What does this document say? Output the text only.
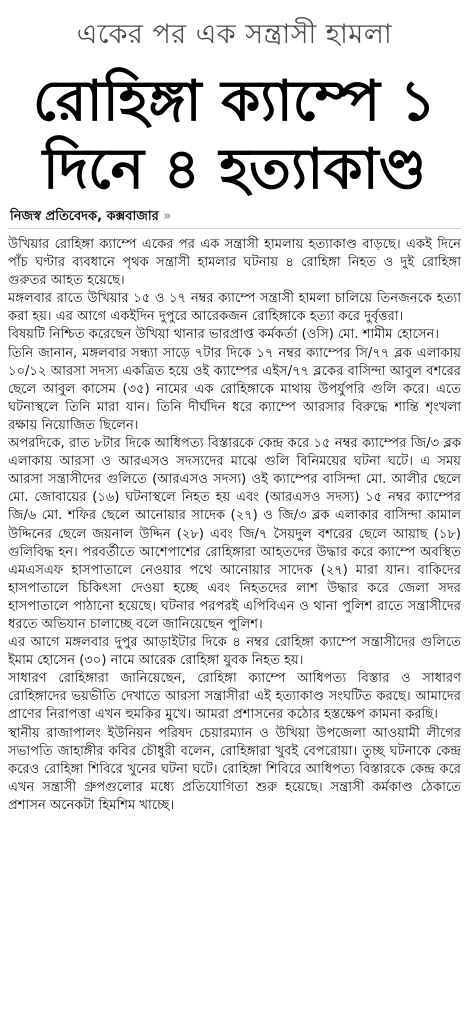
একের পর এক সন্ত্রাসী হামলা
রোহিঙ্গা ক্যাম্পে ১
দিনে ৪ হত্যাকাণ্ড
নিজস্ব প্রতিবেদক, কক্সবাজার »

উখিয়ার রোহিঙ্গা ক্যাম্পে একের পর এক সন্ত্রাসী হামলায় হত্যাকাণ্ড বাড়ছে। একই দিনে পাঁচ ঘণ্টার ব্যবধানে পৃথক সন্ত্রাসী হামলার ঘটনায় ৪ রোহিঙ্গা নিহত ও দুই রোহিঙ্গা গুরুতর আহত হয়েছে।

মঙ্গলবার রাতে উখিয়ার ১৫ ও ১৭ নম্বর ক্যাম্পে সন্ত্রাসী হামলা চালিয়ে তিনজনকে হত্যা করা হয়। এর আগে একইদিন দুপুরে আরেকজন রোহিঙ্গাকে হত্যা করে দুর্বৃত্তরা।

বিষয়টি নিশ্চিত করেছেন উখিয়া থানার ভারপ্রাপ্ত কর্মকর্তা (ওসি) মো. শামীম হোসেন।

তিনি জানান, মঙ্গলবার সন্ধ্যা সাড়ে ৭টার দিকে ১৭ নম্বর ক্যাম্পের সি/৭৭ ব্লক এলাকায় ১০/১২ আরসা সদস্য একত্রিত হয়ে ওই ক্যাম্পের এইস/৭৭ ব্লকের বাসিন্দা আবুল বশরের ছেলে আবুল কাসেম (৩৫) নামের এক রোহিঙ্গাকে মাথায় উপর্যুপরি গুলি করে। এতে ঘটনাস্থলে তিনি মারা যান। তিনি দীর্ঘদিন ধরে ক্যাম্পে আরসার বিরুদ্ধে শান্তি শৃংখলা রক্ষায় নিয়োজিত ছিলেন।

অপরদিকে, রাত ৮টার দিকে আধিপত্য বিস্তারকে কেন্দ্র করে ১৫ নম্বর ক্যাম্পের জি/৩ ব্লক এলাকায় আরসা ও আরএসও সদস্যদের মাঝে গুলি বিনিময়ের ঘটনা ঘটে। এ সময় আরসা সন্ত্রাসীদের গুলিতে (আরএসও সদস্য) ওই ক্যাম্পের বাসিন্দা মো. আলীর ছেলে মো. জোবায়ের (১৬) ঘটনাস্থলে নিহত হয় এবং (আরএসও সদস্য) ১৫ নম্বর ক্যাম্পের জি/৬ মো. শফির ছেলে আনোয়ার সাদেক (২৭) ও জি/৩ ব্লক এলাকার বাসিন্দা কামাল উদ্দিনের ছেলে জয়নাল উদ্দিন (২৮) এবং জি/৭ সৈয়দুল বশরের ছেলে আয়াছ (১৮) গুলিবিদ্ধ হন। পরবর্তীতে আশেপাশের রোহিঙ্গারা আহতদের উদ্ধার করে ক্যাম্পে অবস্থিত এমএসএফ হাসপাতালে নেওয়ার পথে আনোয়ার সাদেক (২৭) মারা যান। বাকিদের হাসপাতালে চিকিৎসা দেওয়া হচ্ছে এবং নিহতদের লাশ উদ্ধার করে জেলা সদর হাসপাতালে পাঠানো হয়েছে। ঘটনার পরপরই এপিবিএন ও থানা পুলিশ রাতে সন্ত্রাসীদের ধরতে অভিযান চালাচ্ছে বলে জানিয়েছেন পুলিশ।

এর আগে মঙ্গলবার দুপুর আড়াইটার দিকে ৪ নম্বর রোহিঙ্গা ক্যাম্পে সন্ত্রাসীদের গুলিতে ইমাম হোসেন (৩০) নামে আরেক রোহিঙ্গা যুবক নিহত হয়।

সাধারণ রোহিঙ্গারা জানিয়েছেন, রোহিঙ্গা ক্যাম্পে আধিপত্য বিস্তার ও সাধারণ রোহিঙ্গাদের ভয়ভীতি দেখাতে আরসা সন্ত্রাসীরা এই হত্যাকাণ্ড সংঘটিত করছে। আমাদের প্রাণের নিরাপত্তা এখন হুমকির মুখে। আমরা প্রশাসনের কঠোর হস্তক্ষেপ কামনা করছি।

স্থানীয় রাজাপালং ইউনিয়ন পরিষদ চেয়ারম্যান ও উখিয়া উপজেলা আওয়ামী লীগের সভাপতি জাহাঙ্গীর কবির চৌধুরী বলেন, রোহিঙ্গারা খুবই বেপরোয়া। তুচ্ছ ঘটনাকে কেন্দ্র করেও রোহিঙ্গা শিবিরে খুনের ঘটনা ঘটে। রোহিঙ্গা শিবিরে আধিপত্য বিস্তারকে কেন্দ্র করে এখন সন্ত্রাসী গ্রুপগুলোর মধ্যে প্রতিযোগিতা শুরু হয়েছে। সন্ত্রাসী কর্মকাণ্ড ঠেকাতে প্রশাসন অনেকটা হিমশিম খাচ্ছে।
